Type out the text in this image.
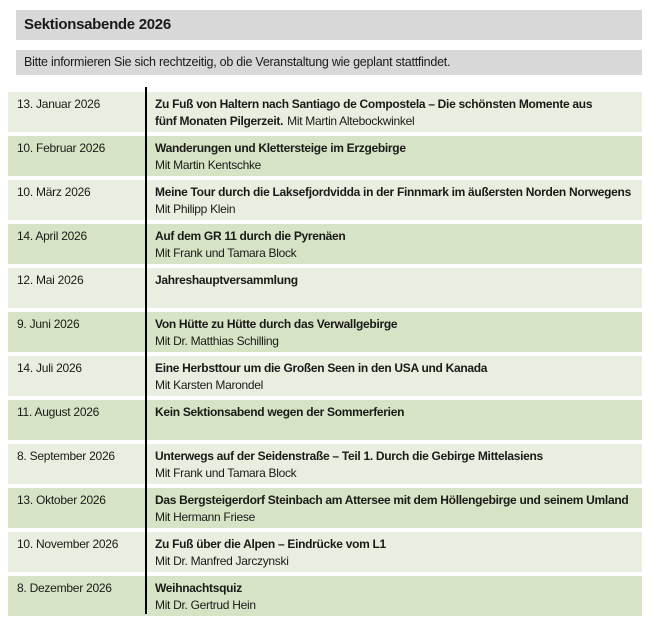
Sektionsabende 2026
Bitte informieren Sie sich rechtzeitig, ob die Veranstaltung wie geplant stattfindet.
13. Januar 2026	Zu Fuß von Haltern nach Santiago de Compostela – Die schönsten Momente aus
fünf Monaten Pilgerzeit. Mit Martin Altebockwinkel
10. Februar 2026	Wanderungen und Klettersteige im Erzgebirge
Mit Martin Kentschke
10. März 2026	Meine Tour durch die Laksefjordvidda in der Finnmark im äußersten Norden Norwegens
Mit Philipp Klein
14. April 2026	Auf dem GR 11 durch die Pyrenäen
Mit Frank und Tamara Block
12. Mai 2026	Jahreshauptversammlung
9. Juni 2026	Von Hütte zu Hütte durch das Verwallgebirge
Mit Dr. Matthias Schilling
14. Juli 2026	Eine Herbsttour um die Großen Seen in den USA und Kanada
Mit Karsten Marondel
11. August 2026	Kein Sektionsabend wegen der Sommerferien
8. September 2026	Unterwegs auf der Seidenstraße – Teil 1. Durch die Gebirge Mittelasiens
Mit Frank und Tamara Block
13. Oktober 2026	Das Bergsteigerdorf Steinbach am Attersee mit dem Höllengebirge und seinem Umland
Mit Hermann Friese
10. November 2026	Zu Fuß über die Alpen – Eindrücke vom L1
Mit Dr. Manfred Jarczynski
8. Dezember 2026	Weihnachtsquiz
Mit Dr. Gertrud Hein
